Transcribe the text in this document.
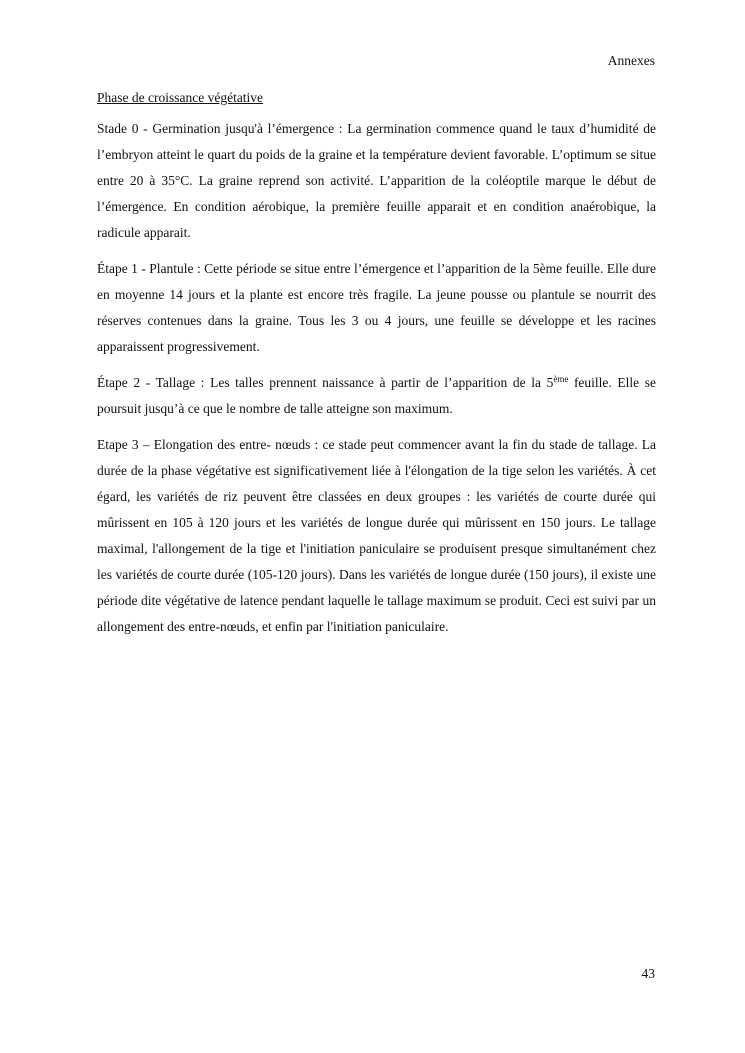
Annexes
Phase de croissance végétative

Stade 0 - Germination jusqu'à l’émergence : La germination commence quand le taux d’humidité de l’embryon atteint le quart du poids de la graine et la température devient favorable. L’optimum se situe entre 20 à 35°C. La graine reprend son activité. L’apparition de la coléoptile marque le début de l’émergence. En condition aérobique, la première feuille apparait et en condition anaérobique, la radicule apparait.

Étape 1 - Plantule : Cette période se situe entre l’émergence et l’apparition de la 5ème feuille. Elle dure en moyenne 14 jours et la plante est encore très fragile. La jeune pousse ou plantule se nourrit des réserves contenues dans la graine. Tous les 3 ou 4 jours, une feuille se développe et les racines apparaissent progressivement.

Étape 2 - Tallage : Les talles prennent naissance à partir de l’apparition de la 5ème feuille. Elle se poursuit jusqu’à ce que le nombre de talle atteigne son maximum.

Etape 3 – Elongation des entre- nœuds : ce stade peut commencer avant la fin du stade de tallage. La durée de la phase végétative est significativement liée à l'élongation de la tige selon les variétés. À cet égard, les variétés de riz peuvent être classées en deux groupes : les variétés de courte durée qui mûrissent en 105 à 120 jours et les variétés de longue durée qui mûrissent en 150 jours. Le tallage maximal, l'allongement de la tige et l'initiation paniculaire se produisent presque simultanément chez les variétés de courte durée (105-120 jours). Dans les variétés de longue durée (150 jours), il existe une période dite végétative de latence pendant laquelle le tallage maximum se produit. Ceci est suivi par un allongement des entre-nœuds, et enfin par l'initiation paniculaire.

43
